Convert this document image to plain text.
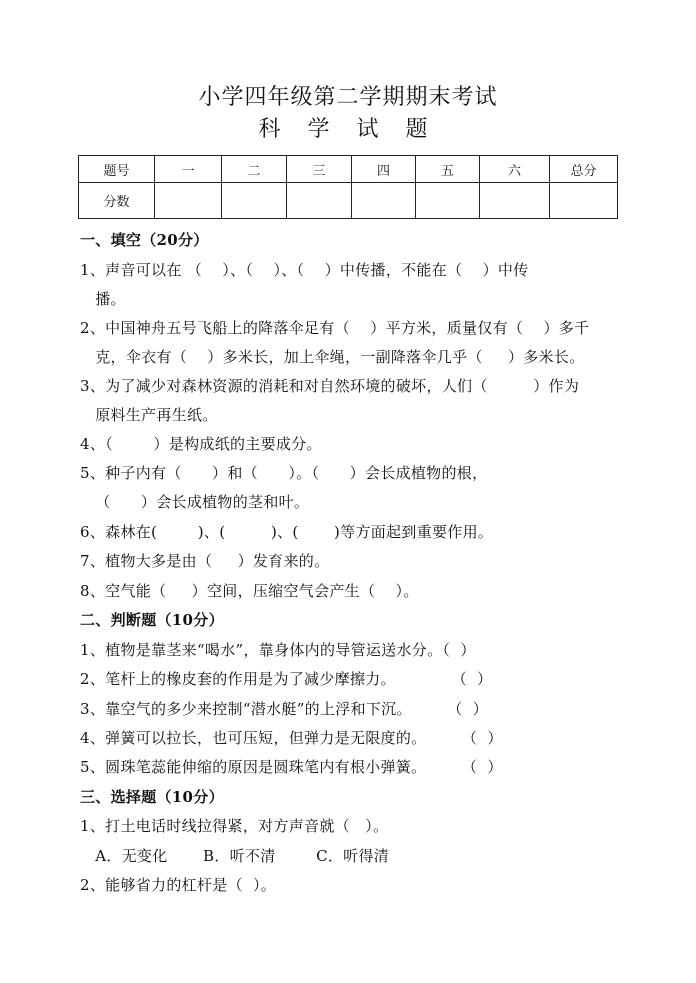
小学四年级第二学期期末考试
科 学 试 题
题号	一	二	三	四	五	六	总分
分数							
一、填空（20分）
1、声音可以在 （    ）、（    ）、（    ）中传播，不能在（    ）中传
播。
2、中国神舟五号飞船上的降落伞足有（    ）平方米，质量仅有（    ）多千
克，伞衣有（    ）多米长，加上伞绳，一副降落伞几乎（     ）多米长。
3、为了减少对森林资源的消耗和对自然环境的破坏，人们（         ）作为
原料生产再生纸。
4、（        ）是构成纸的主要成分。
5、种子内有（      ）和（      ）。（      ）会长成植物的根，
（      ）会长成植物的茎和叶。
6、森林在(        )、(         )、(       )等方面起到重要作用。
7、植物大多是由（     ）发育来的。
8、空气能（     ）空间，压缩空气会产生（    ）。
二、判断题（10分）
1、植物是靠茎来“喝水”，靠身体内的导管运送水分。（  ）
2、笔杆上的橡皮套的作用是为了减少摩擦力。           （  ）
3、靠空气的多少来控制“潜水艇”的上浮和下沉。       （  ）
4、弹簧可以拉长，也可压短，但弹力是无限度的。       （  ）
5、圆珠笔蕊能伸缩的原因是圆珠笔内有根小弹簧。       （  ）
三、选择题（10分）
1、打土电话时线拉得紧，对方声音就（   ）。
A．无变化       B．听不清        C．听得清
2、能够省力的杠杆是（  ）。
